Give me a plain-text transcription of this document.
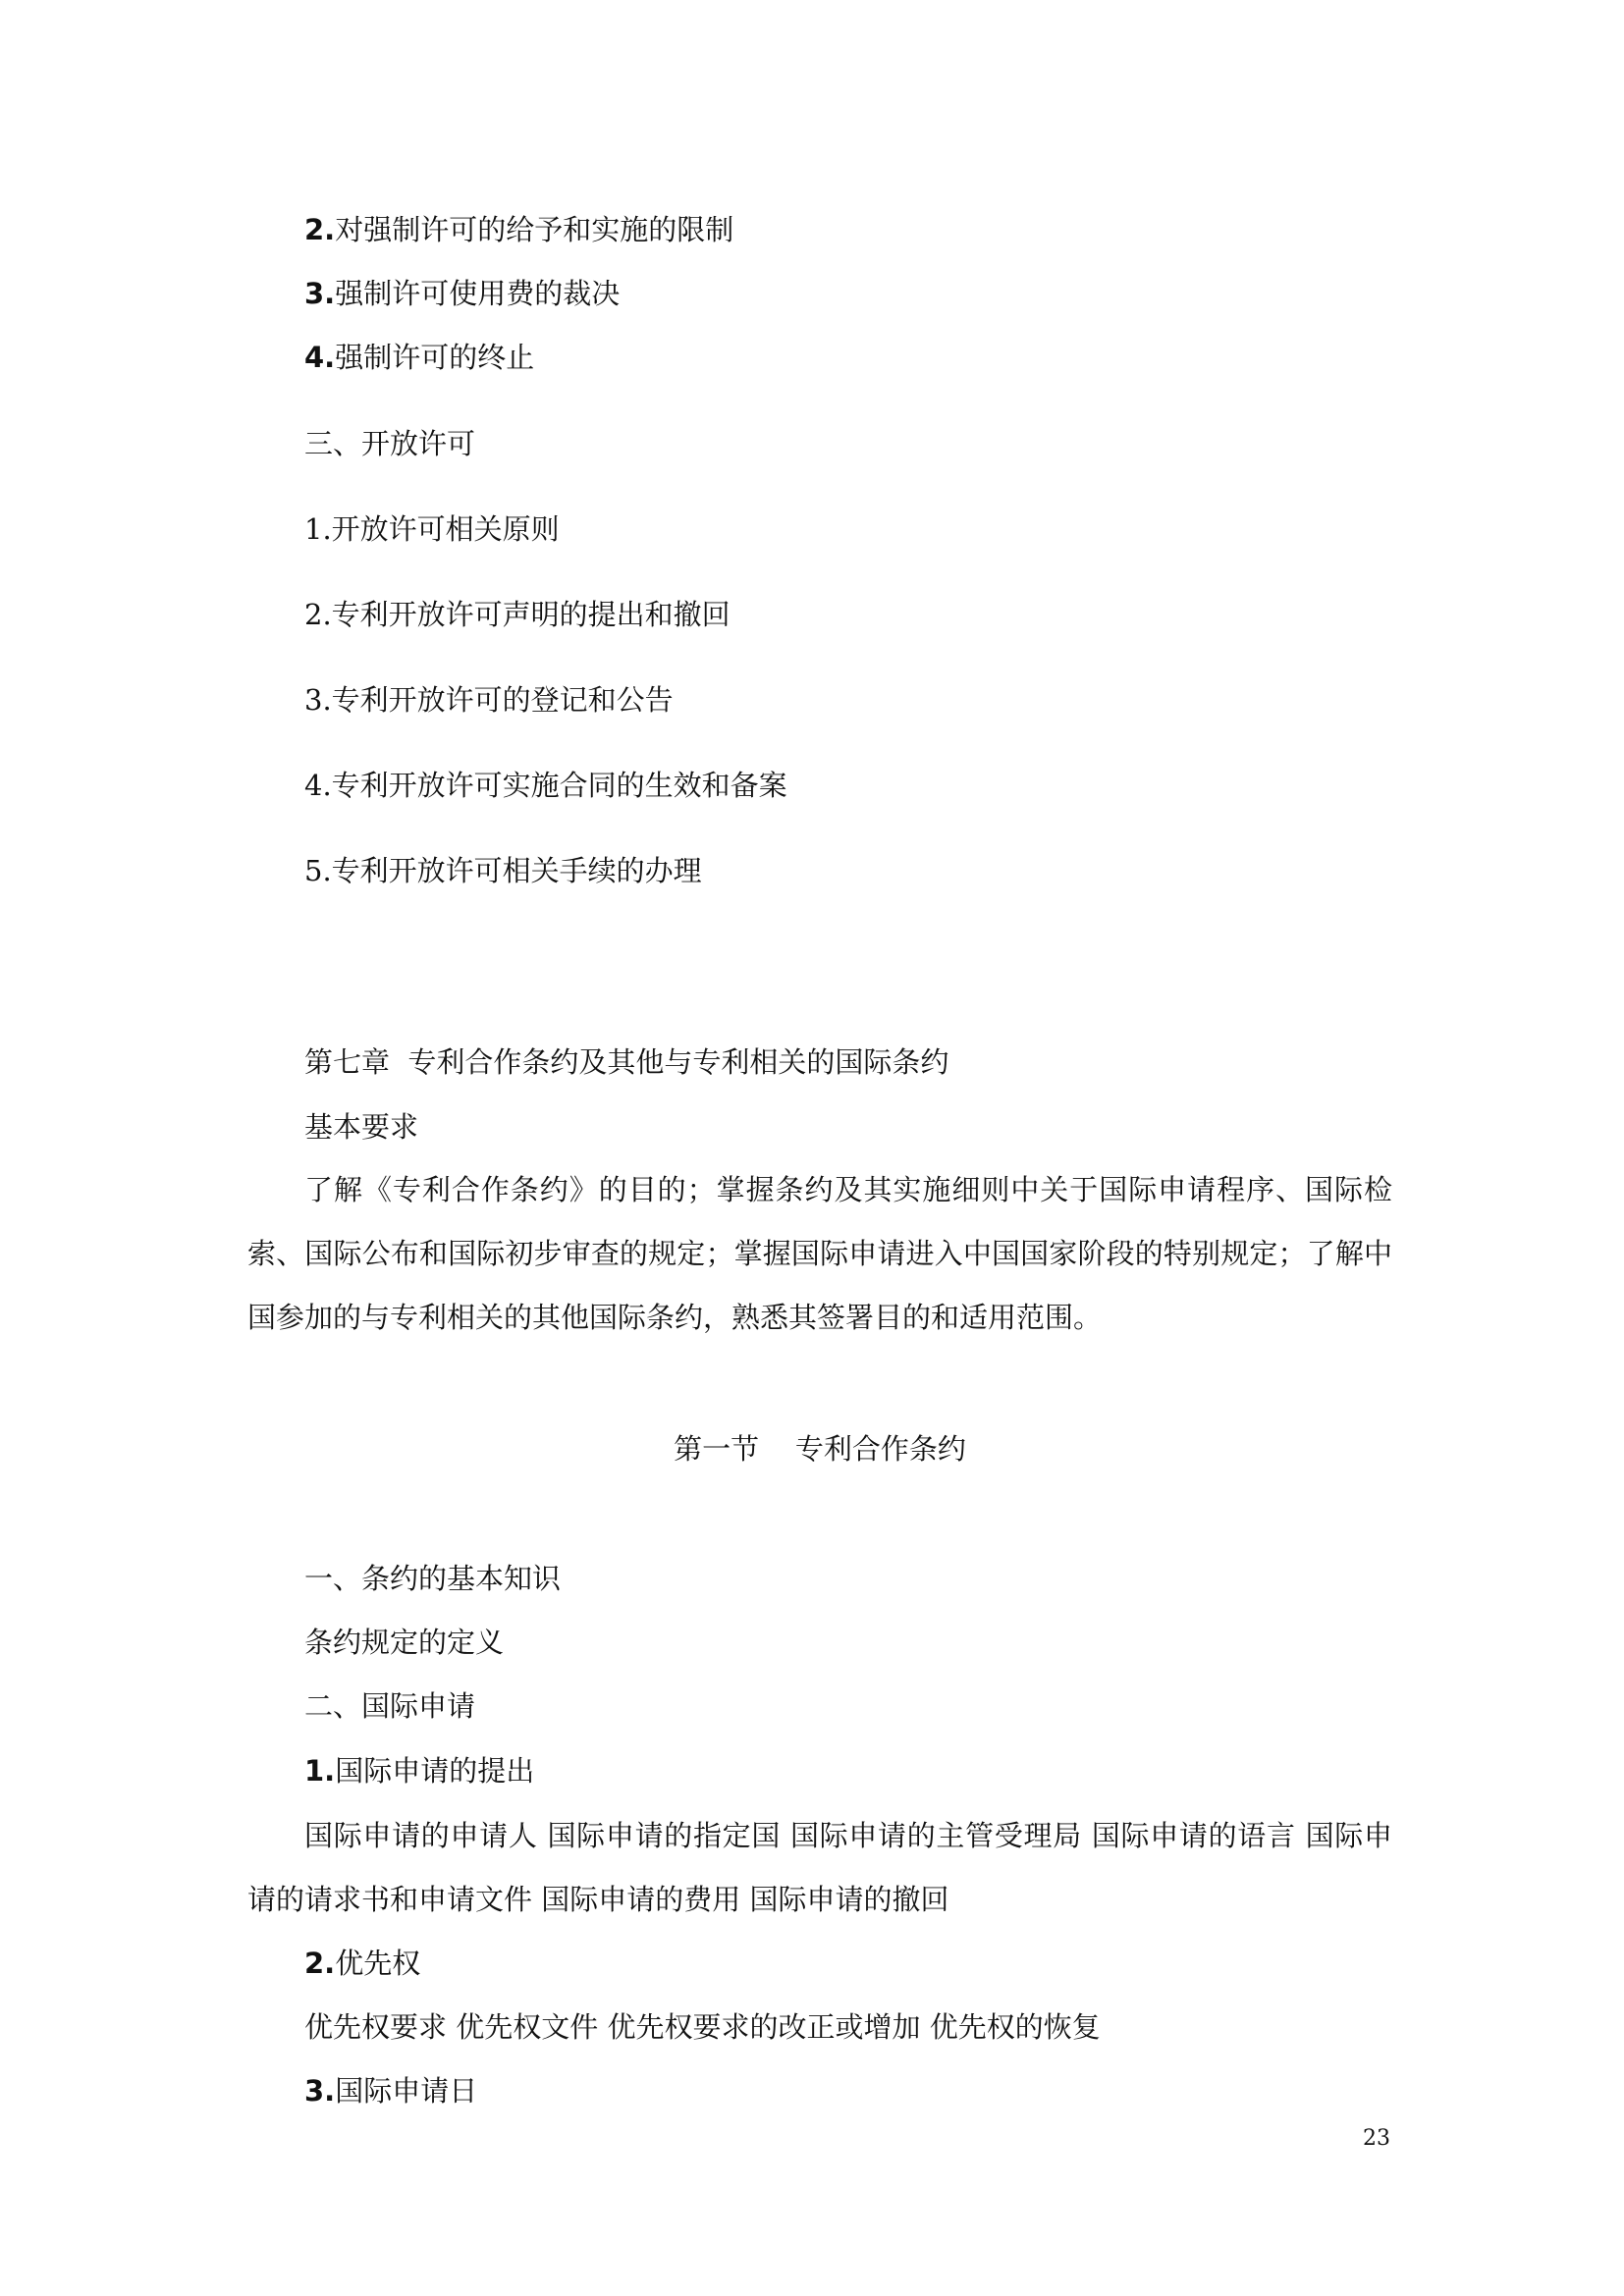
2.对强制许可的给予和实施的限制
3.强制许可使用费的裁决
4.强制许可的终止
三、开放许可
1.开放许可相关原则
2.专利开放许可声明的提出和撤回
3.专利开放许可的登记和公告
4.专利开放许可实施合同的生效和备案
5.专利开放许可相关手续的办理
第七章  专利合作条约及其他与专利相关的国际条约
基本要求

了解《专利合作条约》的目的；掌握条约及其实施细则中关于国际申请程序、国际检索、国际公布和国际初步审查的规定；掌握国际申请进入中国国家阶段的特别规定；了解中国参加的与专利相关的其他国际条约，熟悉其签署目的和适用范围。

第一节    专利合作条约
一、条约的基本知识
条约规定的定义
二、国际申请
1.国际申请的提出

国际申请的申请人 国际申请的指定国 国际申请的主管受理局 国际申请的语言 国际申请的请求书和申请文件 国际申请的费用 国际申请的撤回

2.优先权
优先权要求 优先权文件 优先权要求的改正或增加 优先权的恢复
3.国际申请日
23
